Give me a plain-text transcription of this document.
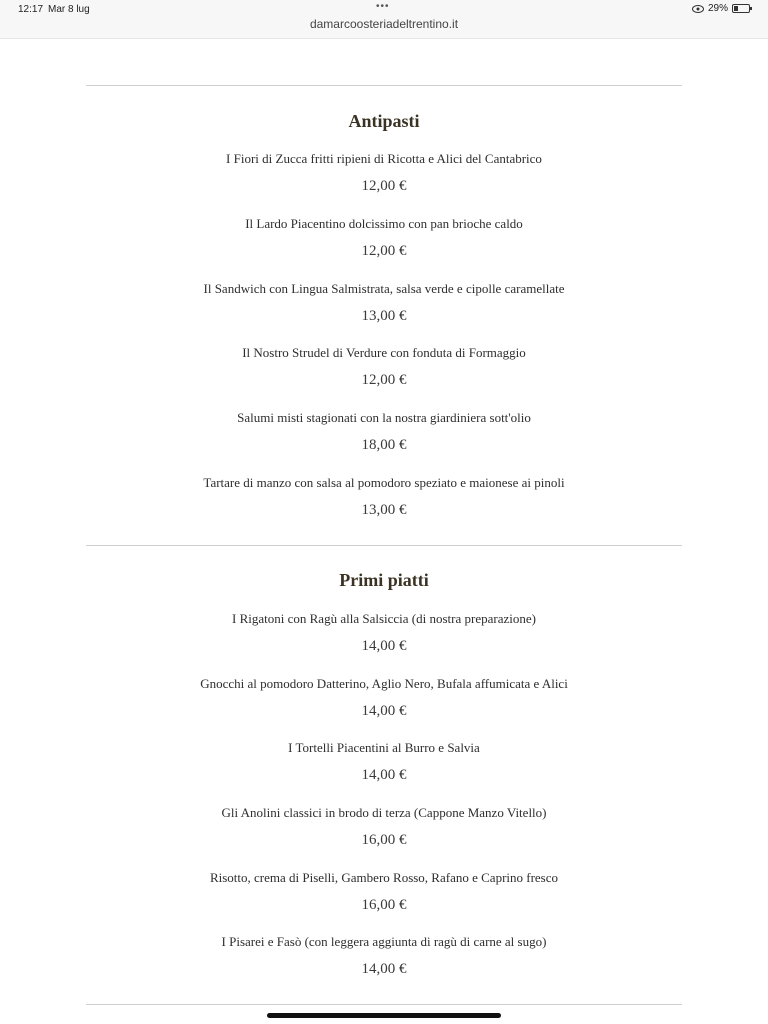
12:17 Mar 8 lug	•••	29%
damarcoosteriadeltrentino.it
Antipasti
I Fiori di Zucca fritti ripieni di Ricotta e Alici del Cantabrico
12,00 €
Il Lardo Piacentino dolcissimo con pan brioche caldo
12,00 €
Il Sandwich con Lingua Salmistrata, salsa verde e cipolle caramellate
13,00 €
Il Nostro Strudel di Verdure con fonduta di Formaggio
12,00 €
Salumi misti stagionati con la nostra giardiniera sott'olio
18,00 €
Tartare di manzo con salsa al pomodoro speziato e maionese ai pinoli
13,00 €
Primi piatti
I Rigatoni con Ragù alla Salsiccia (di nostra preparazione)
14,00 €
Gnocchi al pomodoro Datterino, Aglio Nero, Bufala affumicata e Alici
14,00 €
I Tortelli Piacentini al Burro e Salvia
14,00 €
Gli Anolini classici in brodo di terza (Cappone Manzo Vitello)
16,00 €
Risotto, crema di Piselli, Gambero Rosso, Rafano e Caprino fresco
16,00 €
I Pisarei e Fasò (con leggera aggiunta di ragù di carne al sugo)
14,00 €
